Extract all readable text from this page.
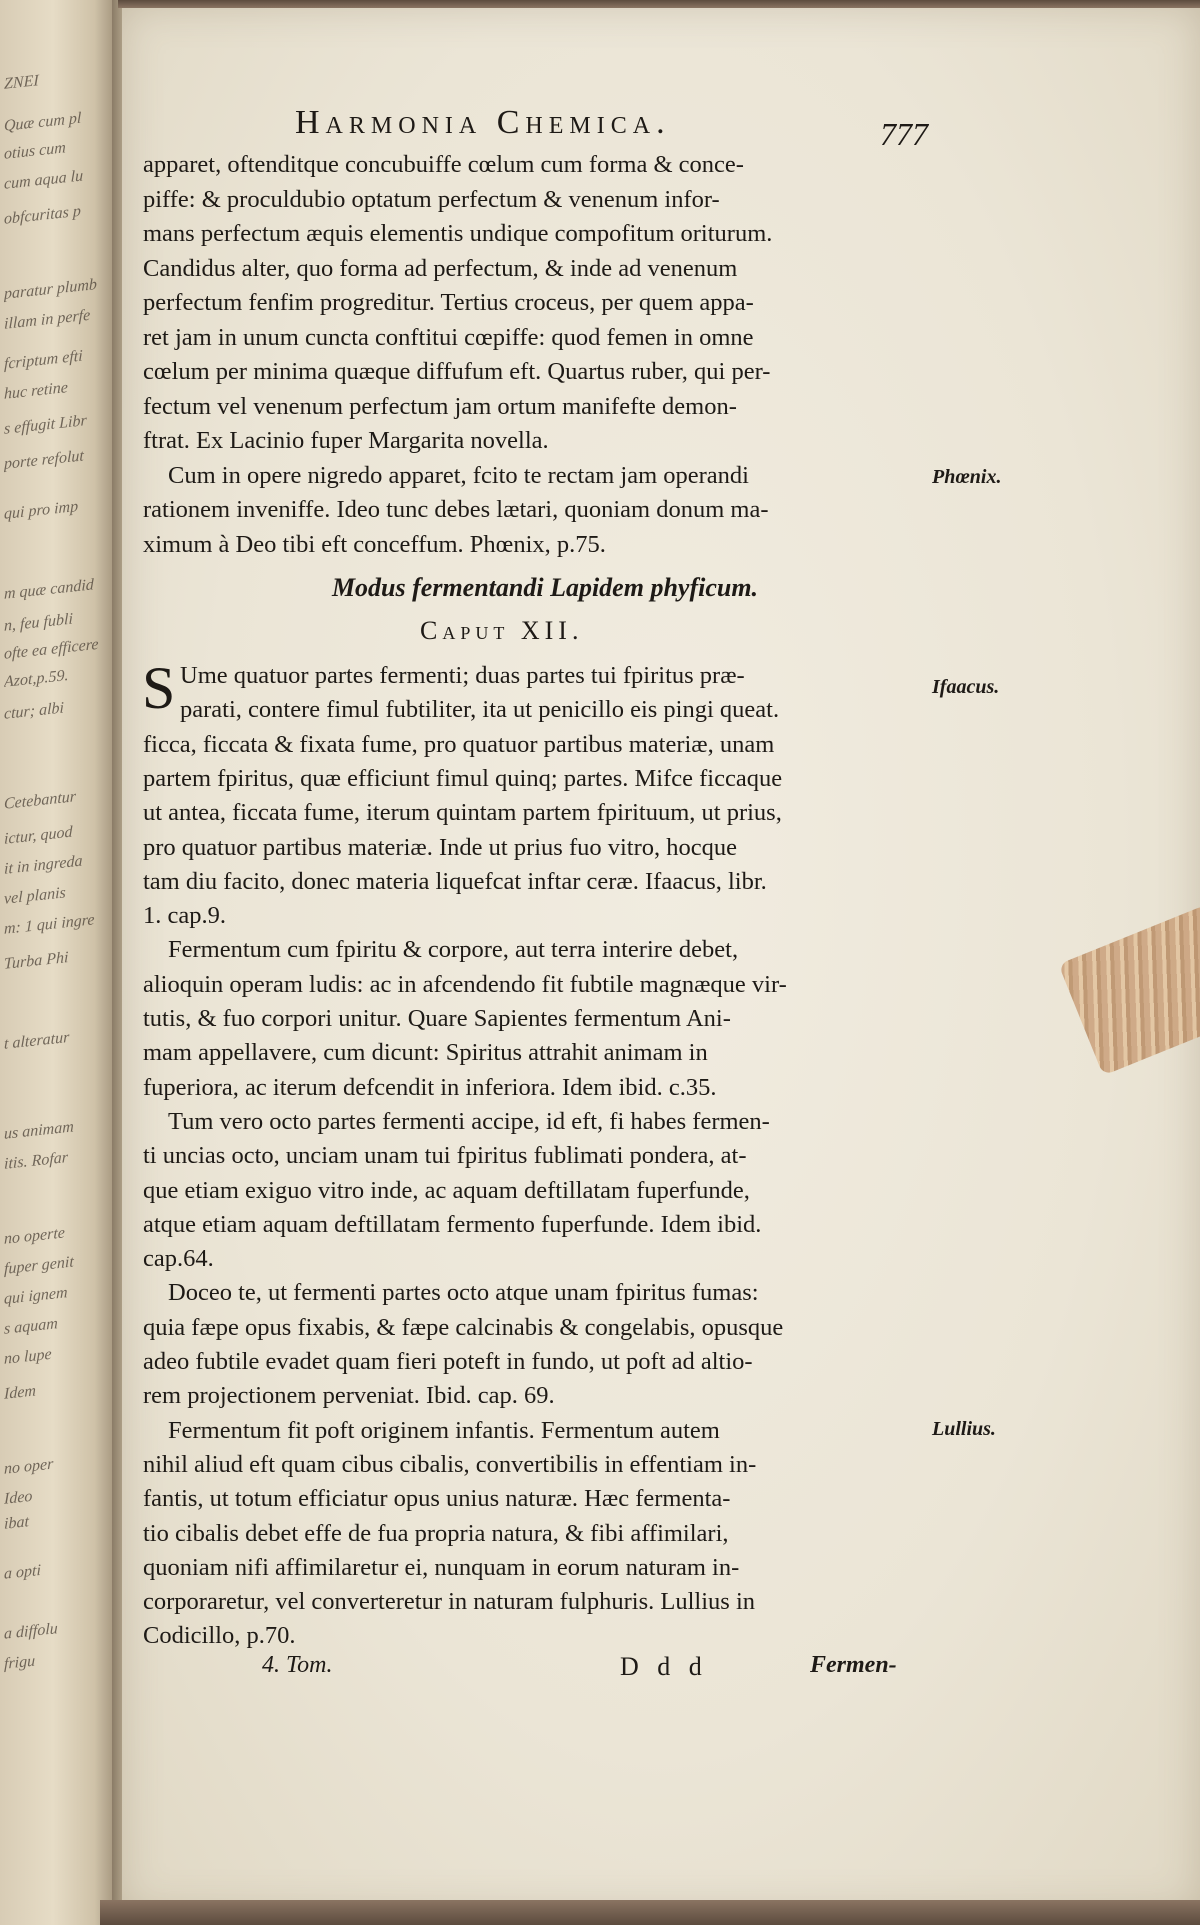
ZNEI
Quæ cum pl
otius cum
cum aqua lu
obfcuritas p
paratur plumb
illam in perfe
fcriptum efti
huc retine
s effugit Libr
porte refolut
qui pro imp
m quæ candid
n, feu fubli
ofte ea efficere
Azot,p.59.
ctur; albi
Cetebantur
ictur, quod
it in ingreda
vel planis
m: 1 qui ingre
Turba Phi
t alteratur
us animam
itis. Rofar
no operte
fuper genit
qui ignem
s aquam
no lupe
Idem
no oper
Ideo
ibat
a opti
a diffolu
frigu
Harmonia Chemica.	777
apparet, oftenditque concubuiffe cœlum cum forma & conce-
piffe: & proculdubio optatum perfectum & venenum infor-
mans perfectum æquis elementis undique compofitum oriturum.
Candidus alter, quo forma ad perfectum, & inde ad venenum
perfectum fenfim progreditur. Tertius croceus, per quem appa-
ret jam in unum cuncta conftitui cœpiffe: quod femen in omne
cœlum per minima quæque diffufum eft. Quartus ruber, qui per-
fectum vel venenum perfectum jam ortum manifefte demon-
ftrat. Ex Lacinio fuper Margarita novella.
Cum in opere nigredo apparet, fcito te rectam jam operandi
rationem inveniffe. Ideo tunc debes lætari, quoniam donum ma-
ximum à Deo tibi eft conceffum. Phœnix, p.75.
Modus fermentandi Lapidem phyficum.
Caput XII.
S Ume quatuor partes fermenti; duas partes tui fpiritus præ-
parati, contere fimul fubtiliter, ita ut penicillo eis pingi queat.
ficca, ficcata & fixata fume, pro quatuor partibus materiæ, unam
partem fpiritus, quæ efficiunt fimul quinq; partes. Mifce ficcaque
ut antea, ficcata fume, iterum quintam partem fpirituum, ut prius,
pro quatuor partibus materiæ. Inde ut prius fuo vitro, hocque
tam diu facito, donec materia liquefcat inftar ceræ. Ifaacus, libr.
1. cap.9.
Fermentum cum fpiritu & corpore, aut terra interire debet,
alioquin operam ludis: ac in afcendendo fit fubtile magnæque vir-
tutis, & fuo corpori unitur. Quare Sapientes fermentum Ani-
mam appellavere, cum dicunt: Spiritus attrahit animam in
fuperiora, ac iterum defcendit in inferiora. Idem ibid. c.35.
Tum vero octo partes fermenti accipe, id eft, fi habes fermen-
ti uncias octo, unciam unam tui fpiritus fublimati pondera, at-
que etiam exiguo vitro inde, ac aquam deftillatam fuperfunde,
atque etiam aquam deftillatam fermento fuperfunde. Idem ibid.
cap.64.
Doceo te, ut fermenti partes octo atque unam fpiritus fumas:
quia fæpe opus fixabis, & fæpe calcinabis & congelabis, opusque
adeo fubtile evadet quam fieri poteft in fundo, ut poft ad altio-
rem projectionem perveniat. Ibid. cap. 69.
Fermentum fit poft originem infantis. Fermentum autem
nihil aliud eft quam cibus cibalis, convertibilis in effentiam in-
fantis, ut totum efficiatur opus unius naturæ. Hæc fermenta-
tio cibalis debet effe de fua propria natura, & fibi affimilari,
quoniam nifi affimilaretur ei, nunquam in eorum naturam in-
corporaretur, vel converteretur in naturam fulphuris. Lullius in
Codicillo, p.70.
Phœnix.
Ifaacus.
Lullius.
4. Tom.	D d d	Fermen-
